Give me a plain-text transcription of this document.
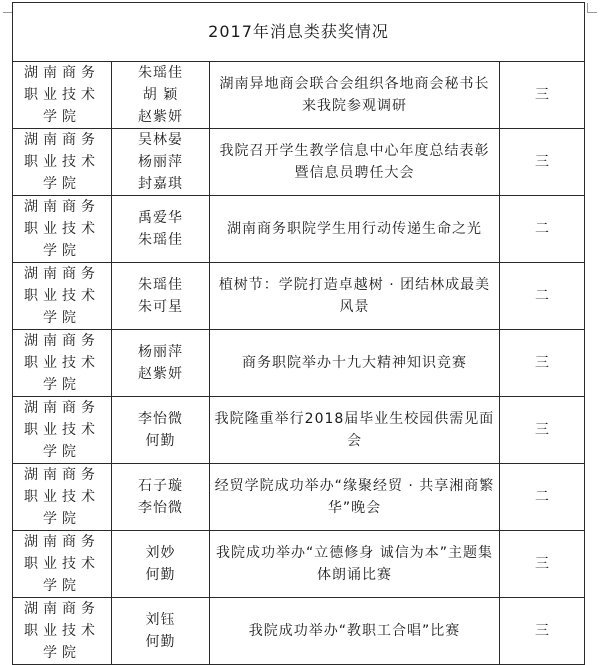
2017年消息类获奖情况			
湖南商务
职业技术
学院	朱瑶佳
胡 颖
赵紫妍	湖南异地商会联合会组织各地商会秘书长来我院参观调研	三
湖南商务
职业技术
学院	吴林晏
杨丽萍
封嘉琪	我院召开学生教学信息中心年度总结表彰暨信息员聘任大会	三
湖南商务
职业技术
学院	禹爱华
朱瑶佳	湖南商务职院学生用行动传递生命之光	二
湖南商务
职业技术
学院	朱瑶佳
朱可星	植树节：学院打造卓越树 · 团结林成最美风景	二
湖南商务
职业技术
学院	杨丽萍
赵紫妍	商务职院举办十九大精神知识竞赛	三
湖南商务
职业技术
学院	李怡微
何勤	我院隆重举行2018届毕业生校园供需见面会	三
湖南商务
职业技术
学院	石子璇
李怡微	经贸学院成功举办“缘聚经贸 · 共享湘商繁华”晚会	二
湖南商务
职业技术
学院	刘妙
何勤	我院成功举办“立德修身 诚信为本”主题集体朗诵比赛	三
湖南商务
职业技术
学院	刘钰
何勤	我院成功举办“教职工合唱”比赛	三
